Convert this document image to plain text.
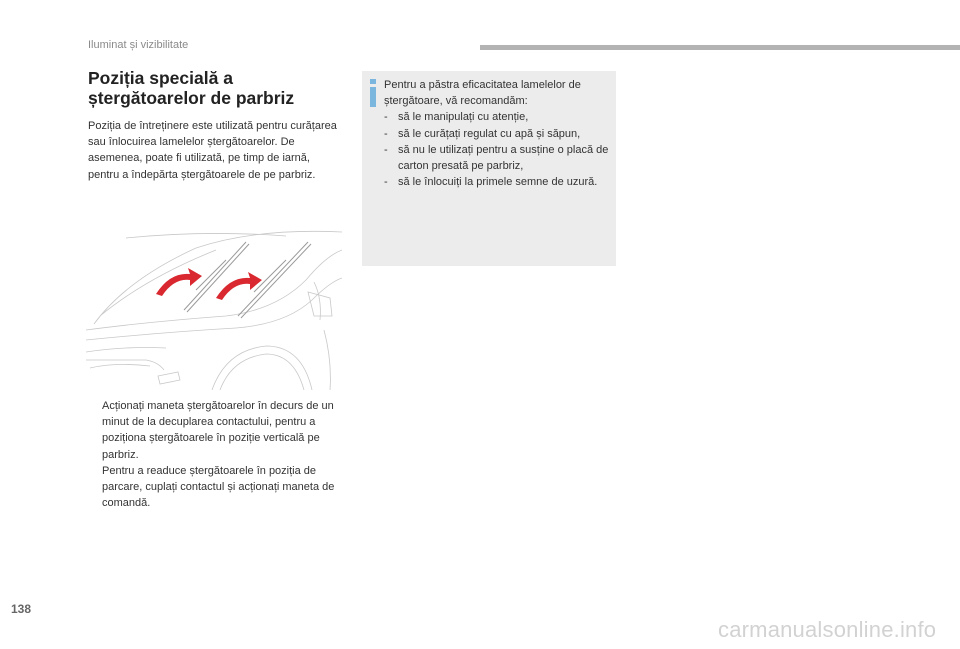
Iluminat și vizibilitate
Poziția specială a ștergătoarelor de parbriz

Poziția de întreținere este utilizată pentru curățarea sau înlocuirea lamelelor ștergătoarelor. De asemenea, poate fi utilizată, pe timp de iarnă, pentru a îndepărta ștergătoarele de pe parbriz.

Acționați maneta ștergătoarelor în decurs de un minut de la decuplarea contactului, pentru a poziționa ștergătoarele în poziție verticală pe parbriz.
Pentru a readuce ștergătoarele în poziția de parcare, cuplați contactul și acționați maneta de comandă.
Pentru a păstra eficacitatea lamelelor de ștergătoare, vă recomandăm:
- să le manipulați cu atenție,
- să le curățați regulat cu apă și săpun,
- să nu le utilizați pentru a susține o placă de carton presată pe parbriz,
- să le înlocuiți la primele semne de uzură.
138
carmanualsonline.info
